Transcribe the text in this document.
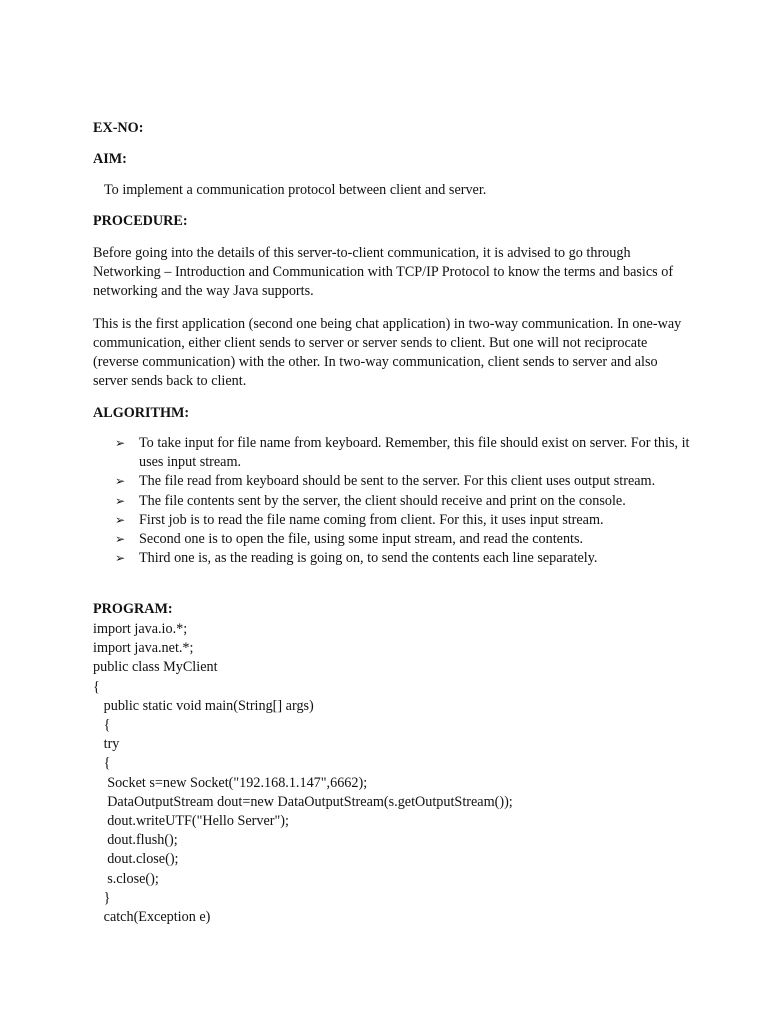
EX-NO:

AIM:

To implement a communication protocol between client and server.

PROCEDURE:

Before going into the details of this server-to-client communication, it is advised to go through Networking – Introduction and Communication with TCP/IP Protocol to know the terms and basics of networking and the way Java supports.

This is the first application (second one being chat application) in two-way communication. In one-way communication, either client sends to server or server sends to client. But one will not reciprocate (reverse communication) with the other. In two-way communication, client sends to server and also server sends back to client.

ALGORITHM:

➢ To take input for file name from keyboard. Remember, this file should exist on server. For this, it uses input stream.
➢ The file read from keyboard should be sent to the server. For this client uses output stream.
➢ The file contents sent by the server, the client should receive and print on the console.
➢ First job is to read the file name coming from client. For this, it uses input stream.
➢ Second one is to open the file, using some input stream, and read the contents.
➢ Third one is, as the reading is going on, to send the contents each line separately.

PROGRAM:

import java.io.*;
import java.net.*;
public class MyClient
{
public static void main(String[] args)
{
try
{
Socket s=new Socket("192.168.1.147",6662);
DataOutputStream dout=new DataOutputStream(s.getOutputStream());
dout.writeUTF("Hello Server");
dout.flush();
dout.close();
s.close();
}
catch(Exception e)
